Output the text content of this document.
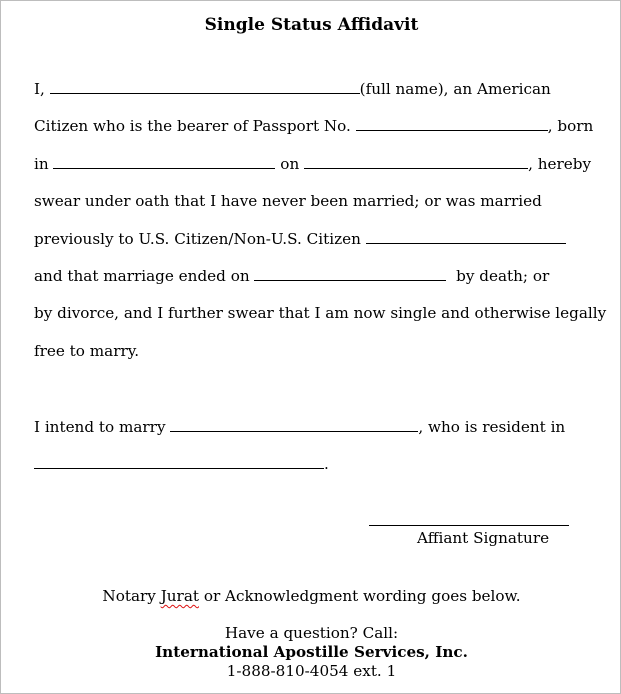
Single Status Affidavit
I,	(full name), an American
Citizen who is the bearer of Passport No.	, born
in	on	, hereby
swear under oath that I have never been married; or was married
previously to U.S. Citizen/Non-U.S. Citizen
and that marriage ended on	by death; or
by divorce, and I further swear that I am now single and otherwise legally
free to marry.
I intend to marry	, who is resident in
.
Affiant Signature
Notary Jurat or Acknowledgment wording goes below.
Have a question? Call:
International Apostille Services, Inc.
1-888-810-4054 ext. 1
